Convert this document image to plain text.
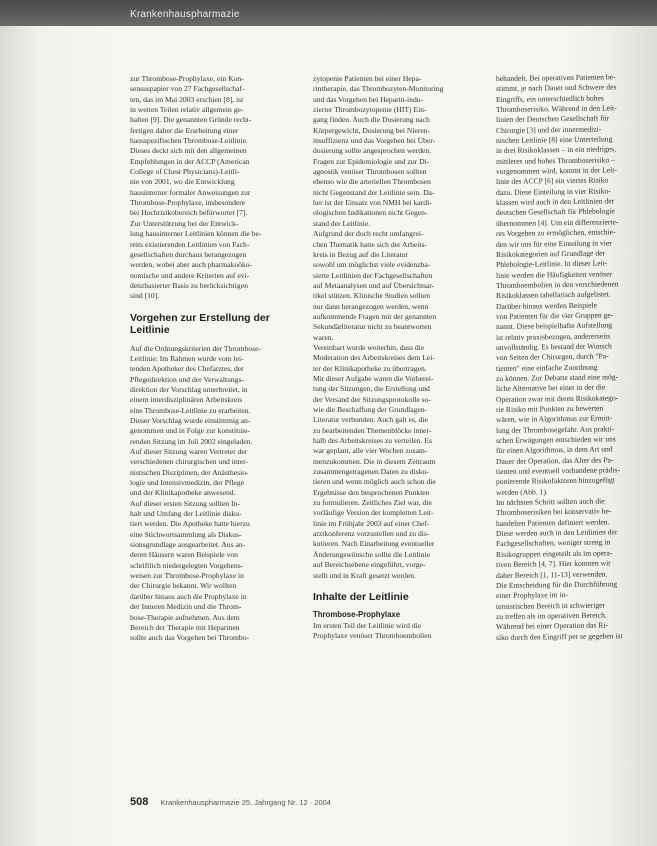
Krankenhauspharmazie

zur Thrombose-Prophylaxe, ein Kon-
sensuspapier von 27 Fachgesellschaf-
ten, das im Mai 2003 erschien [8], ist
in weiten Teilen relativ allgemein ge-
halten [9]. Die genannten Gründe recht-
fertigen daher die Erarbeitung einer
hausspezifischen Thrombose-Leitlinie.
Dieses deckt sich mit den allgemeinen
Empfehlungen in der ACCP (American
College of Chest Physicians)-Leitli-
nie von 2001, wo die Entwicklung
hausinterner formaler Anweisungen zur
Thrombose-Prophylaxe, insbesondere
bei Hochrisikobereich befürwortet [7].
Zur Unterstützung bei der Entwick-
lung hausinterner Leitlinien können die be-
reits existierenden Leitlinien von Fach-
gesellschaften durchaus herangezogen
werden, wobei aber auch pharmakoöko-
nomische und andere Kriterien auf evi-
denzbasierter Basis zu berücksichtigen
sind [10].

Vorgehen zur Erstellung der
Leitlinie

Auf die Ordnungskriterien der Thrombose-
Leitlinie: Im Rahmen wurde vom lei-
tenden Apotheker des Chefarztes, der
Pflegedirektion und der Verwaltungs-
direktion der Vorschlag unterbreitet, in
einem interdisziplinären Arbeitskreis
eine Thrombose-Leitlinie zu erarbeiten.
Dieser Vorschlag wurde einstimmig an-
genommen und in Folge zur konstituie-
renden Sitzung im Juli 2002 eingeladen.
Auf dieser Sitzung waren Vertreter der
verschiedenen chirurgischen und inter-
nistischen Disziplinen, der Anästhesio-
logie und Intensivmedizin, der Pflege
und der Klinikapotheke anwesend.
Auf dieser ersten Sitzung sollten In-
halt und Umfang der Leitlinie disku-
tiert werden. Die Apotheke hatte hierzu
eine Stichwortsammlung als Diskus-
sionsgrundlage ausgearbeitet. Aus an-
deren Häusern waren Beispiele von
schriftlich niedergelegten Vorgehens-
weisen zur Thrombose-Prophylaxe in
der Chirurgie bekannt. Wir wollten
darüber hinaus auch die Prophylaxe in
der Inneren Medizin und die Throm-
bose-Therapie aufnehmen. Aus dem
Bereich der Therapie mit Heparinen
sollte auch das Vorgehen bei Thrombo-

zytopenie Patienten bei einer Hepa-
rintherapie, das Thrombozyten-Monitoring
und das Vorgehen bei Heparin-indu-
zierter Thrombozytopenie (HIT) Ein-
gang finden. Auch die Dosierung nach
Körpergewicht, Dosierung bei Nieren-
insuffizienz und das Vorgehen bei Über-
dosierung sollte angesprochen werden.
Fragen zur Epidemiologie und zur Di-
agnostik venöser Thrombosen sollten
ebenso wie die arteriellen Thrombosen
nicht Gegenstand der Leitlinie sein. Da-
her ist der Einsatz von NMH bei kardi-
ologischen Indikationen nicht Gegen-
stand der Leitlinie.
Aufgrund der doch recht umfangrei-
chen Thematik hatte sich der Arbeits-
kreis in Bezug auf die Literatur
sowohl um möglichst viele evidenzba-
sierte Leitlinien der Fachgesellschaften
auf Metaanalysen und auf Übersichtsar-
tikel stützen. Klinische Studien sollten
nur dann herangezogen werden, wenn
aufkommende Fragen mit der genannten
Sekundärliteratur nicht zu beantworten
waren.
Vereinbart wurde weiterhin, dass die
Moderation des Arbeitskreises dem Lei-
ter der Klinikapotheke zu übertragen.
Mit dieser Aufgabe waren die Vorberei-
tung der Sitzungen, die Erstellung und
der Versand der Sitzungsprotokolle so-
wie die Beschaffung der Grundlagen-
Literatur verbunden. Auch galt es, die
zu bearbeitenden Themenblöcke inner-
halb des Arbeitskreises zu verteilen. Es
war geplant, alle vier Wochen zusam-
menzukommen. Die in diesem Zeitraum
zusammengetragenen Daten zu disku-
tieren und wenn möglich auch schon die
Ergebnisse den besprochenen Punkten
zu formulieren. Zeitliches Ziel war, die
vorläufige Version der kompletten Leit-
linie im Frühjahr 2003 auf einer Chef-
arztkonferenz vorzustellen und zu dis-
kutieren. Nach Einarbeitung eventueller
Änderungswünsche sollte die Leitlinie
auf Bereichsebene eingeführt, vorge-
stellt und in Kraft gesetzt werden.

Inhalte der Leitlinie
Thrombose-Prophylaxe

Im ersten Teil der Leitlinie wird die
Prophylaxe venöser Thromboembolien

behandelt. Bei operativen Patienten be-
stimmt, je nach Dauer und Schwere des
Eingriffs, ein unterschiedlich hohes
Thromboserisiko. Während in den Leit-
linien der Deutschen Gesellschaft für
Chirurgie [3] und der innermedizi-
nischen Leitlinie [8] eine Unterteilung
in drei Risikoklassen – in ein niedriges,
mittleres und hohes Thromboserisiko –
vorgenommen wird, kommt in der Leit-
linie des ACCP [6] ein viertes Risiko
dazu. Diese Einteilung in vier Risiko-
klassen wird auch in den Leitlinien der
deutschen Gesellschaft für Phlebologie
übernommen [4]. Um ein differenzierte-
res Vorgehen zu ermöglichen, entschie-
den wir uns für eine Einteilung in vier
Risikokategorien auf Grundlage der
Phlebologie-Leitlinie. In dieser Leit-
linie werden die Häufigkeiten venöser
Thromboembolien in den verschiedenen
Risikoklassen tabellarisch aufgelistet.
Darüber hinaus werden Beispiele
von Patienten für die vier Gruppen ge-
nannt. Diese beispielhafte Aufstellung
ist relativ praxisbezogen, andererseits
unvollständig. Es bestand der Wunsch
von Seiten der Chirurgen, durch "Pa-
tienten" eine einfache Zuordnung
zu können. Zur Debatte stand eine mög-
liche Alternative bei einer in der die
Operation zwar mit deren Risikokatego-
rie Risiko mit Punkten zu bewerten
wären, wie in Algorithmus zur Ermitt-
lung der Thrombosegefahr. Aus prakti-
schen Erwägungen entschieden wir uns
für einen Algorithmus, in dem Art und
Dauer der Operation, das Alter des Pa-
tienten und eventuell vorhandene prädis-
ponierende Risikofaktoren hinzugefügt
werden (Abb. 1).
Im nächsten Schritt sollten auch die
Thromboserisiken bei konservativ be-
handelten Patienten definiert werden.
Diese werden auch in den Leitlinien der
Fachgesellschaften, weniger streng in
Risikogruppen eingeteilt als im opera-
tiven Bereich [4, 7]. Hier konnten wir
daher Bereich [1, 11-13] verwenden.
Die Entscheidung für die Durchführung
einer Prophylaxe im in-
ternistischen Bereich in schwieriger
zu treffen als im operativen Bereich.
Während bei einer Operation das Ri-
siko durch den Eingriff per se gegeben ist

508 Krankenhauspharmazie 25. Jahrgang Nr. 12 · 2004
